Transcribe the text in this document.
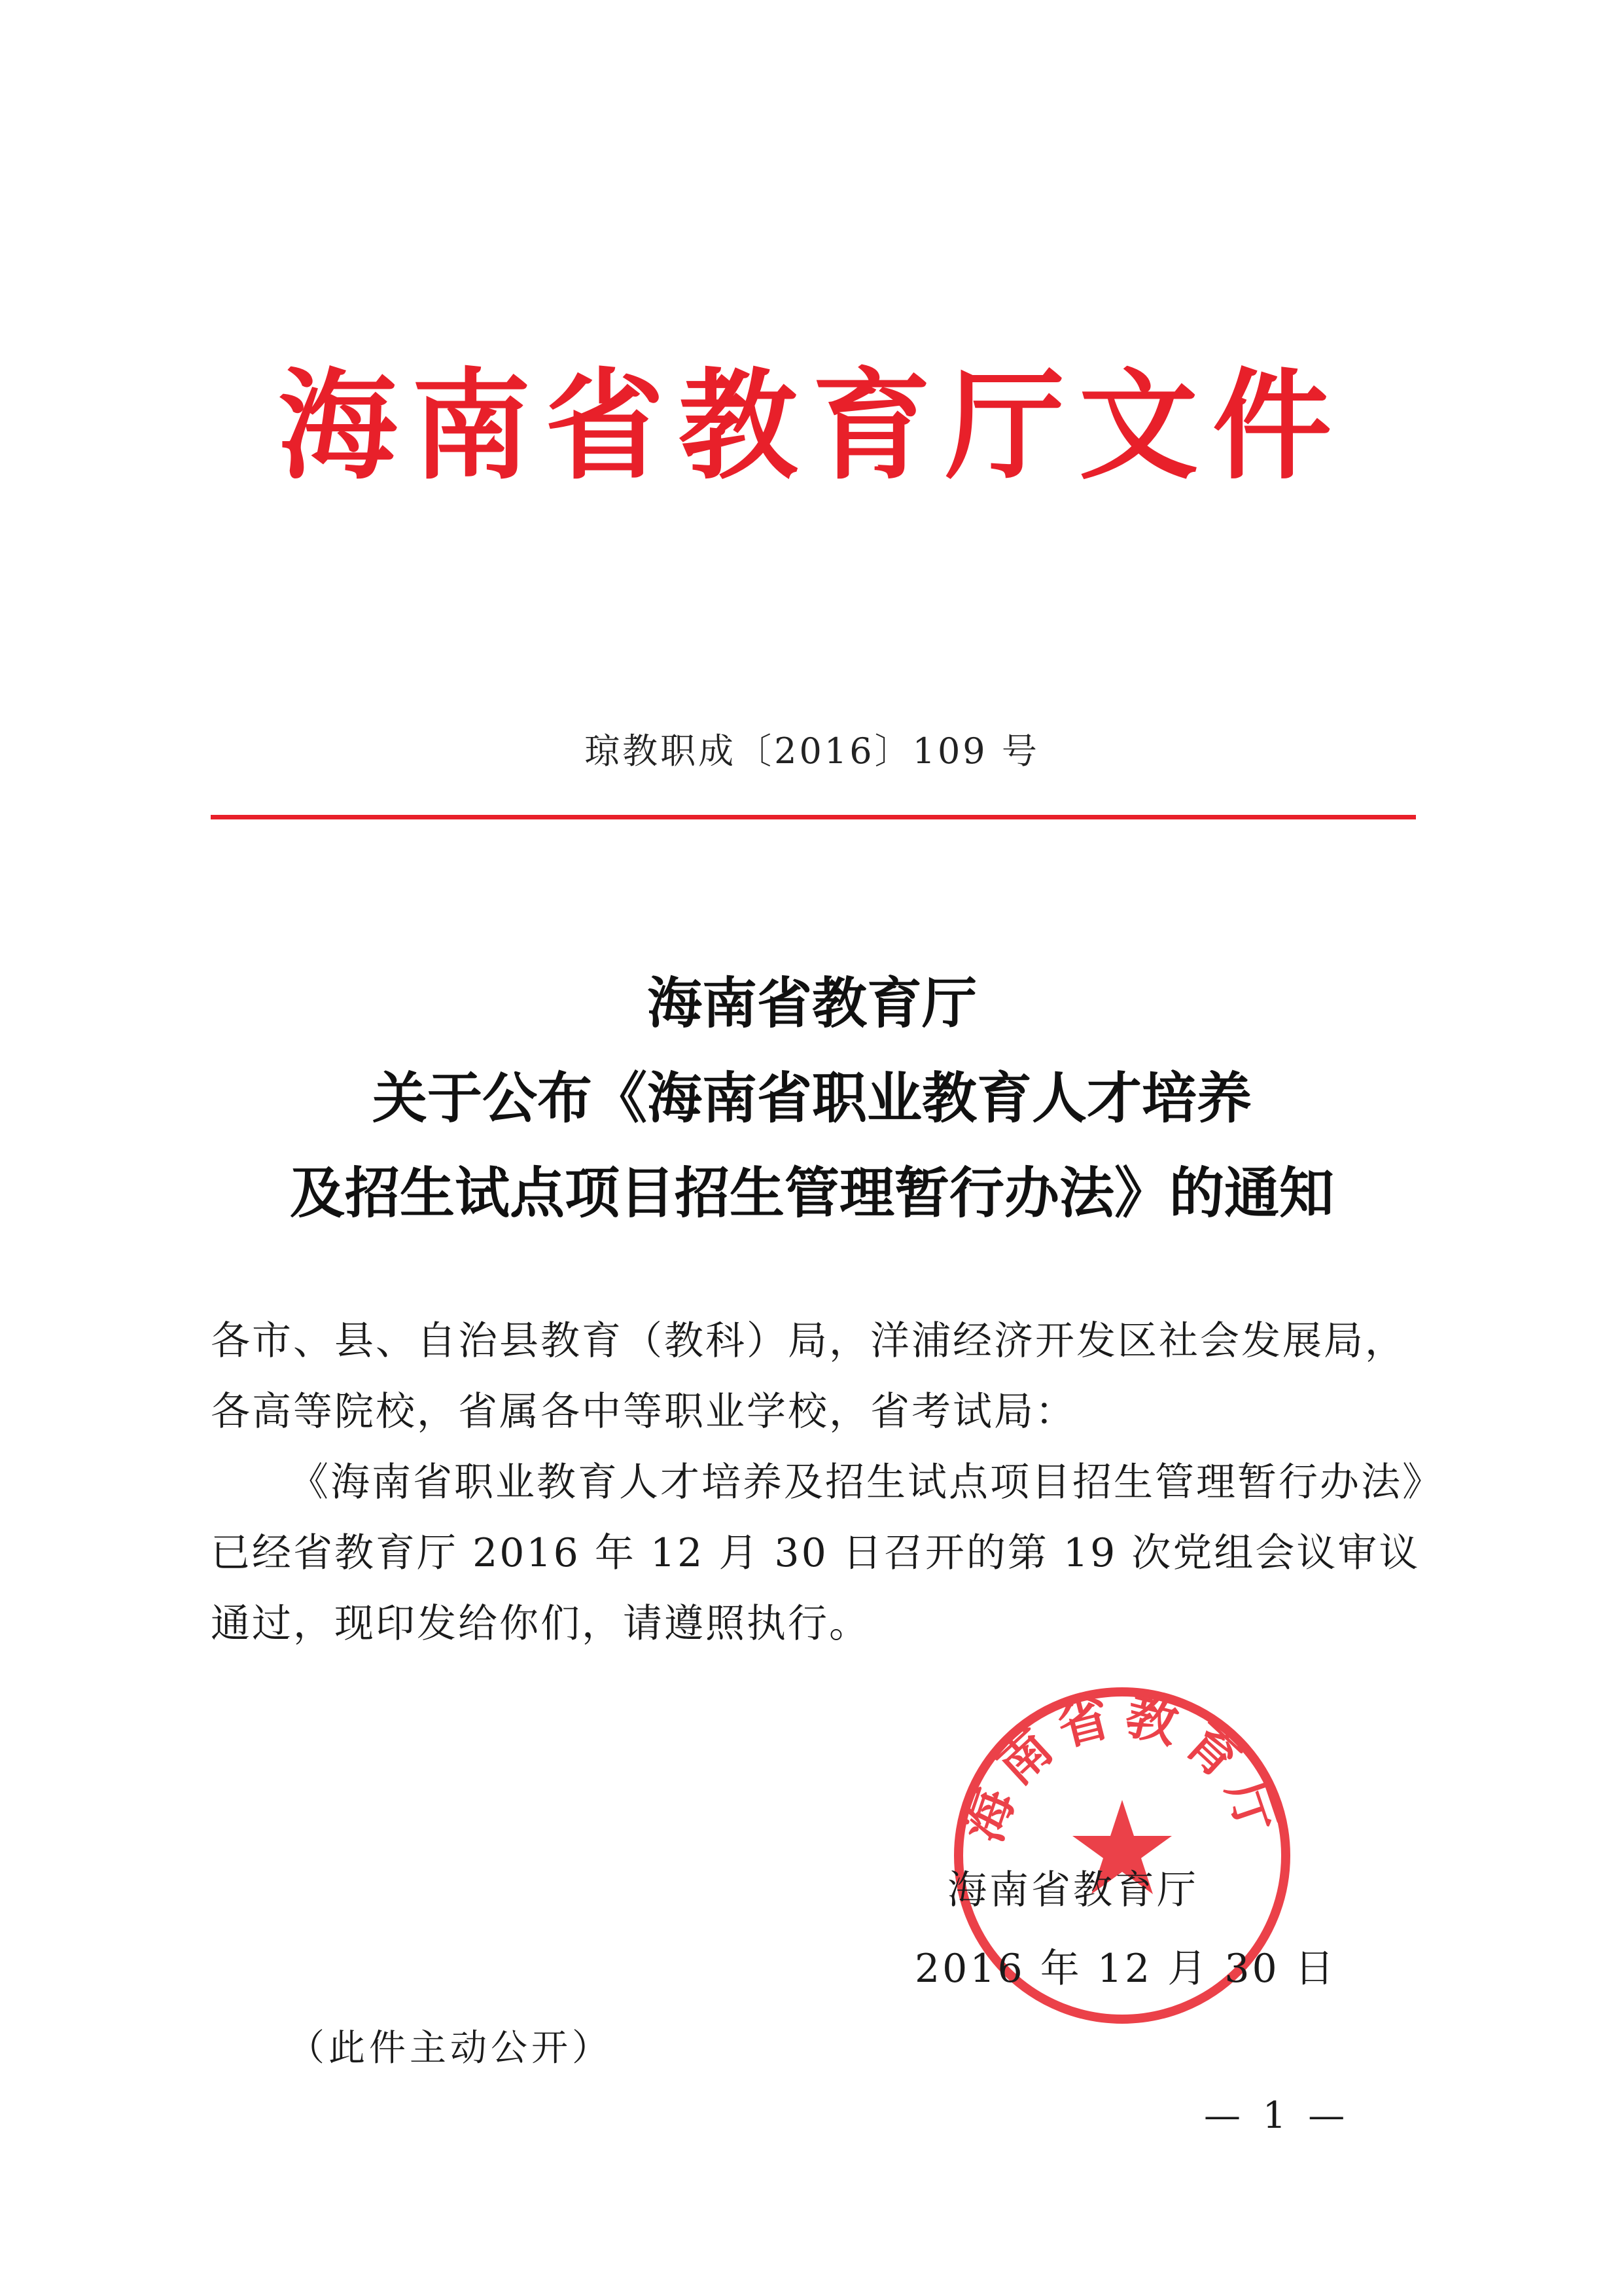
海南省教育厅文件
琼教职成〔2016〕109 号
海南省教育厅
关于公布《海南省职业教育人才培养
及招生试点项目招生管理暂行办法》的通知

各市、县、自治县教育（教科）局，洋浦经济开发区社会发展局，

各高等院校，省属各中等职业学校，省考试局：

《海南省职业教育人才培养及招生试点项目招生管理暂行办法》已经省教育厅 2016 年 12 月 30 日召开的第 19 次党组会议审议通过，现印发给你们，请遵照执行。

海南省教育厅
海南省教育厅
2016 年 12 月 30 日
（此件主动公开）
— 1 —
